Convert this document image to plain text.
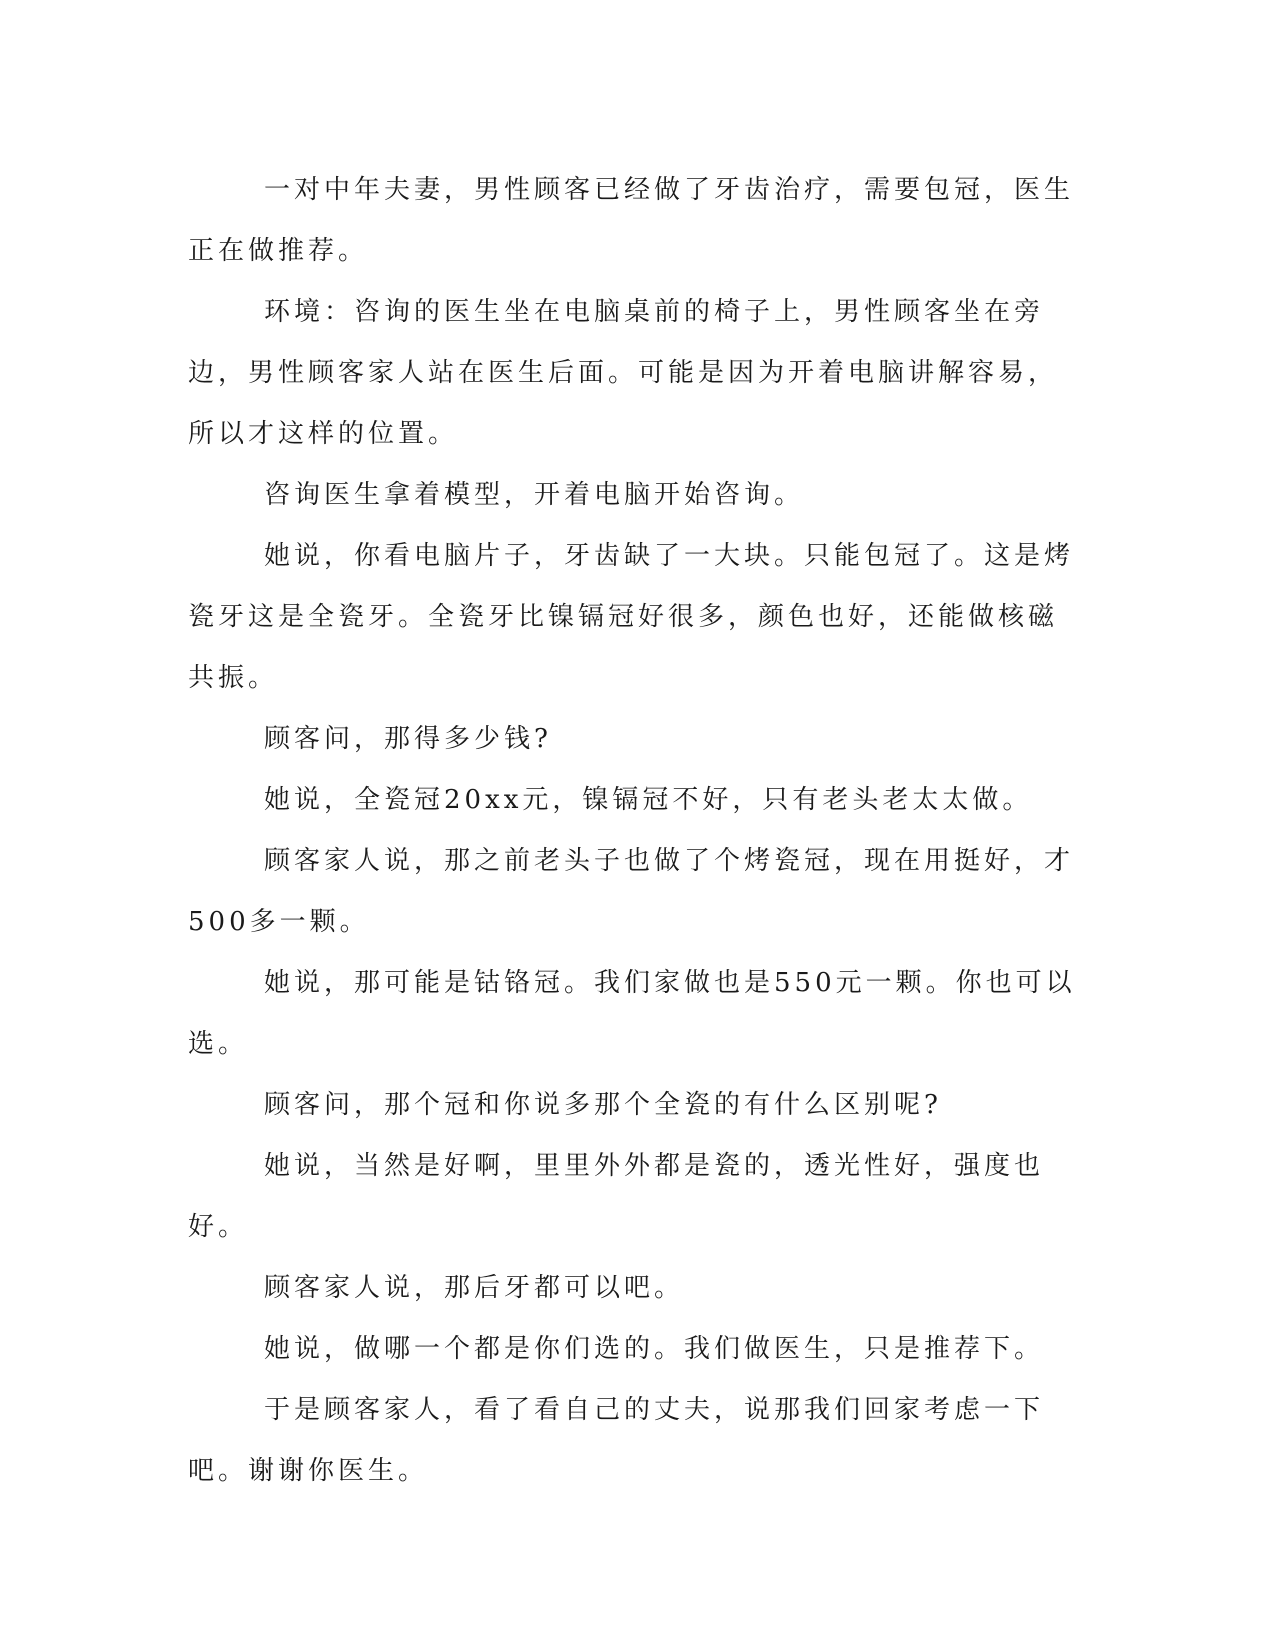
一对中年夫妻，男性顾客已经做了牙齿治疗，需要包冠，医生正在做推荐。

环境：咨询的医生坐在电脑桌前的椅子上，男性顾客坐在旁边，男性顾客家人站在医生后面。可能是因为开着电脑讲解容易，所以才这样的位置。

咨询医生拿着模型，开着电脑开始咨询。

她说，你看电脑片子，牙齿缺了一大块。只能包冠了。这是烤瓷牙这是全瓷牙。全瓷牙比镍镉冠好很多，颜色也好，还能做核磁共振。

顾客问，那得多少钱?

她说，全瓷冠20xx元，镍镉冠不好，只有老头老太太做。

顾客家人说，那之前老头子也做了个烤瓷冠，现在用挺好，才500多一颗。

她说，那可能是钴铬冠。我们家做也是550元一颗。你也可以选。

顾客问，那个冠和你说多那个全瓷的有什么区别呢?

她说，当然是好啊，里里外外都是瓷的，透光性好，强度也好。

顾客家人说，那后牙都可以吧。

她说，做哪一个都是你们选的。我们做医生，只是推荐下。

于是顾客家人，看了看自己的丈夫，说那我们回家考虑一下吧。谢谢你医生。
